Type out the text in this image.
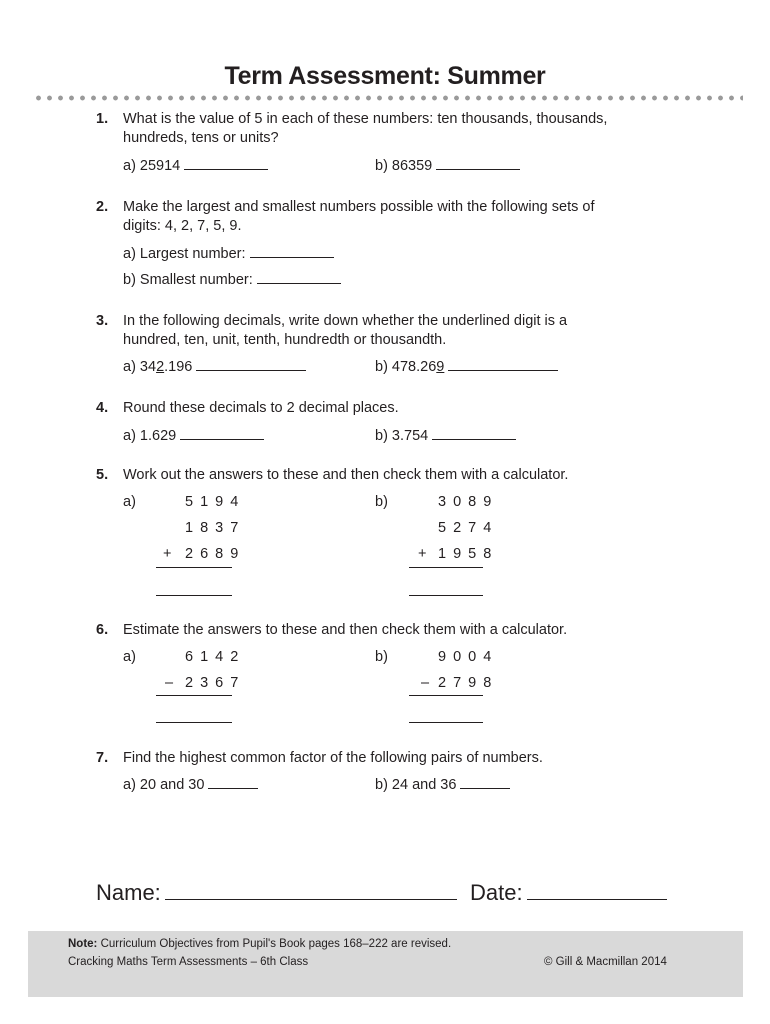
Term Assessment: Summer
1. What is the value of 5 in each of these numbers: ten thousands, thousands,
hundreds, tens or units?
a) 25914	b) 86359
2. Make the largest and smallest numbers possible with the following sets of
digits: 4, 2, 7, 5, 9.
a) Largest number:
b) Smallest number:
3. In the following decimals, write down whether the underlined digit is a
hundred, ten, unit, tenth, hundredth or thousandth.
a) 342.196	b) 478.269
4. Round these decimals to 2 decimal places.
a) 1.629	b) 3.754
5. Work out the answers to these and then check them with a calculator.
a)	5194
1837
+ 2689
b)	3089
5274
+ 1958
6. Estimate the answers to these and then check them with a calculator.
a)	6142
– 2367
b)	9004
– 2798
7. Find the highest common factor of the following pairs of numbers.
a) 20 and 30	b) 24 and 36
Name:	Date:
Note: Curriculum Objectives from Pupil's Book pages 168–222 are revised.
Cracking Maths Term Assessments – 6th Class	© Gill & Macmillan 2014
